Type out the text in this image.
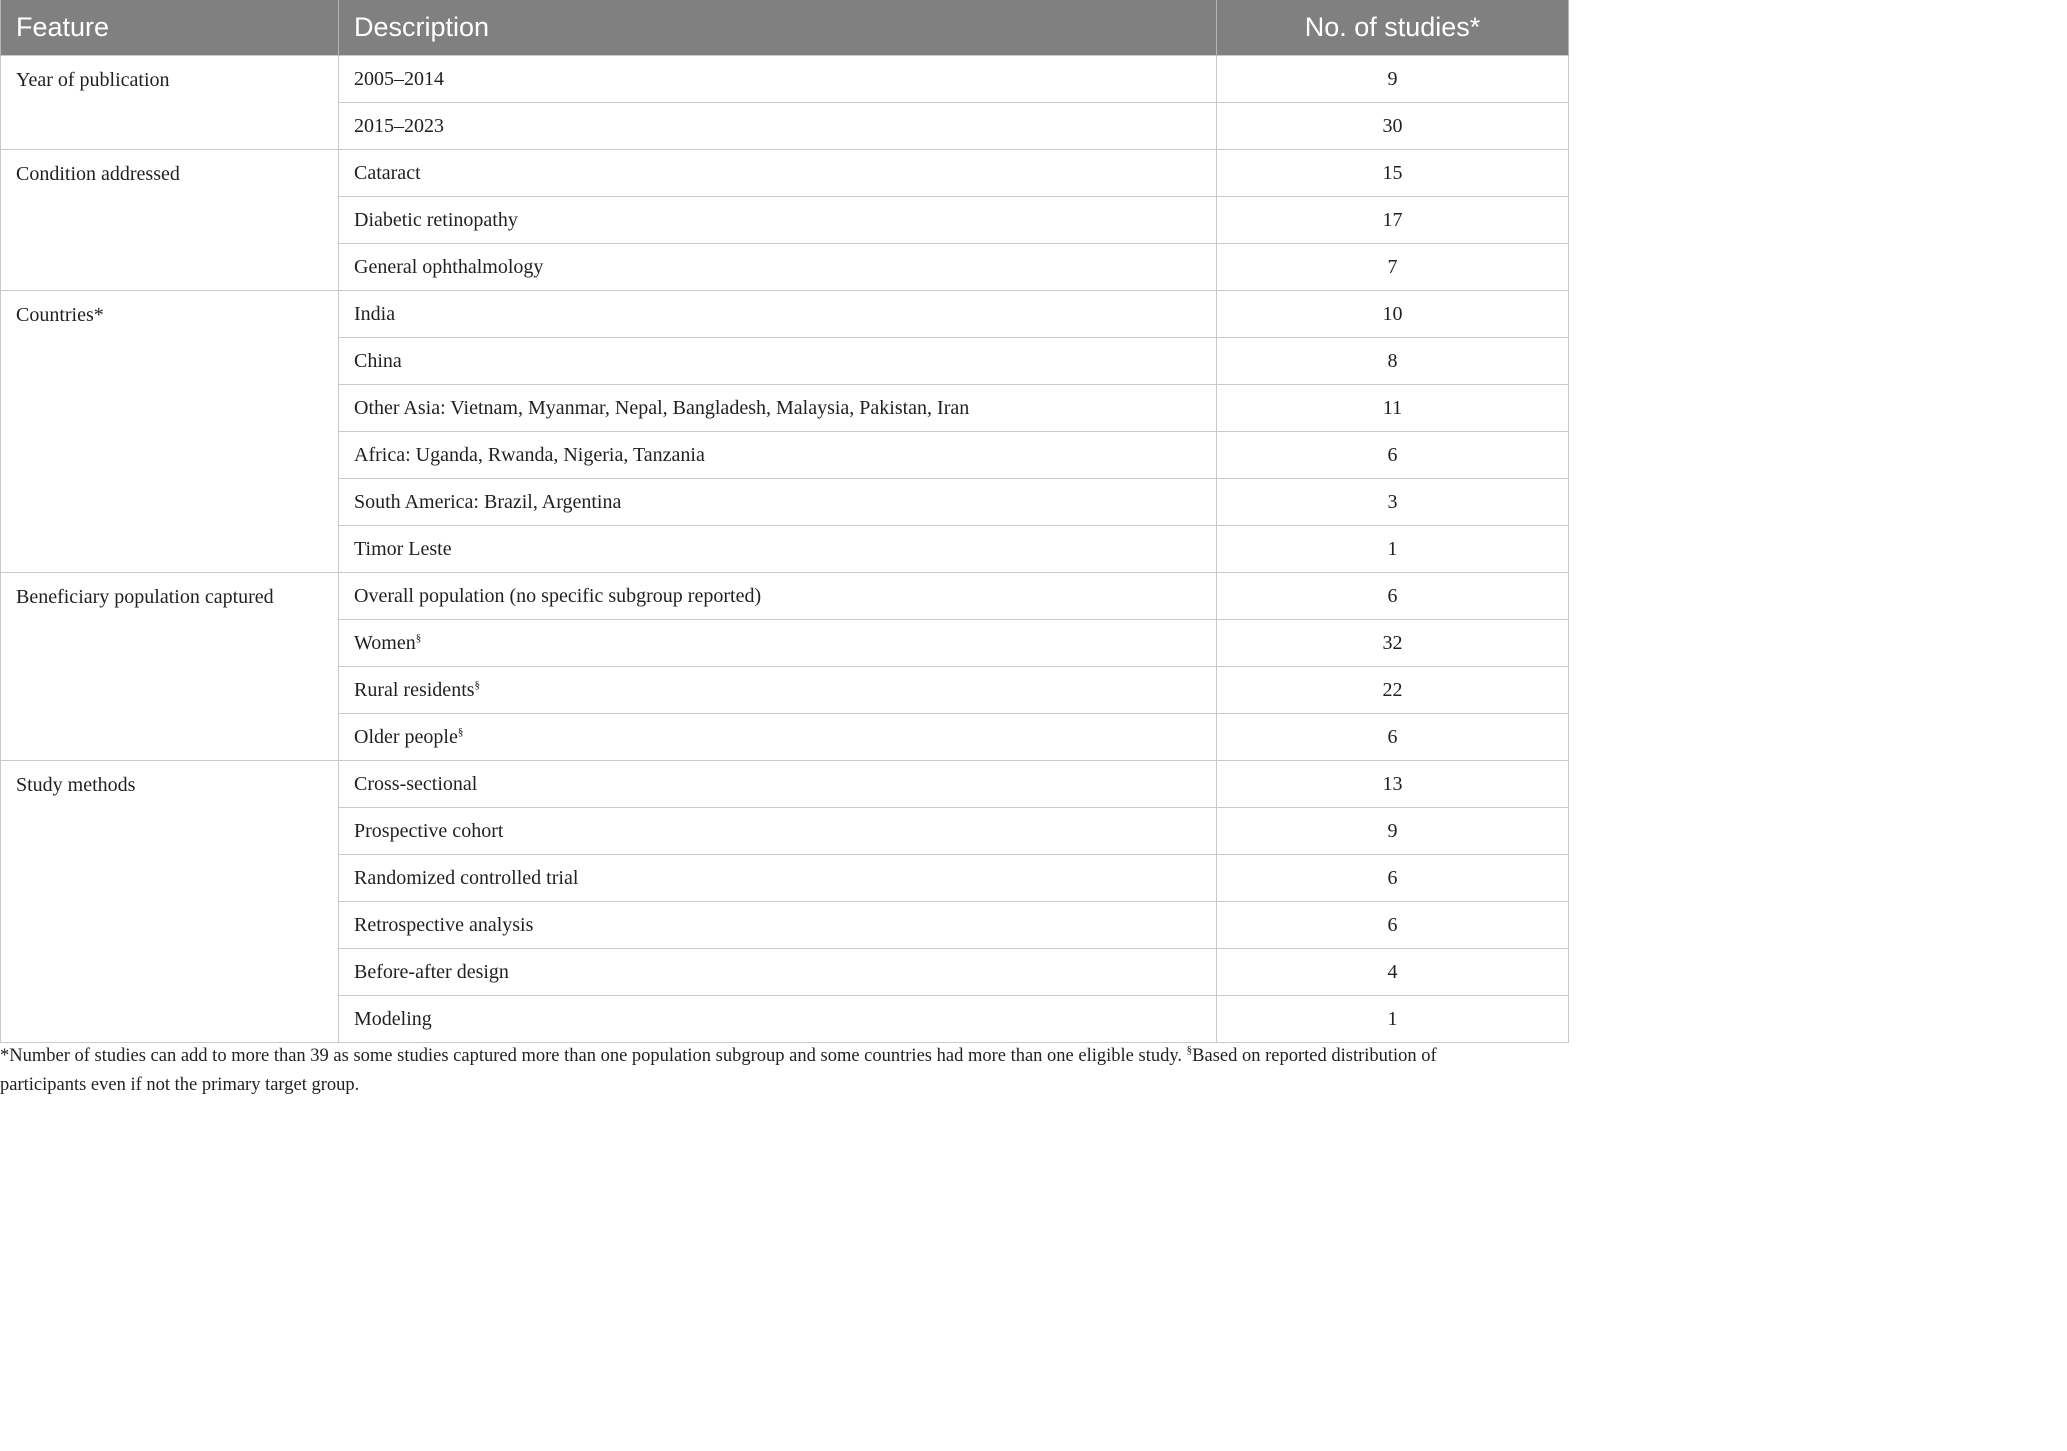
Feature	Description	No. of studies*
Year of publication	2005–2014	9
	2015–2023	30
Condition addressed	Cataract	15
	Diabetic retinopathy	17
	General ophthalmology	7
Countries*	India	10
	China	8
	Other Asia: Vietnam, Myanmar, Nepal, Bangladesh, Malaysia, Pakistan, Iran	11
	Africa: Uganda, Rwanda, Nigeria, Tanzania	6
	South America: Brazil, Argentina	3
	Timor Leste	1
Beneficiary population captured	Overall population (no specific subgroup reported)	6
	Women§	32
	Rural residents§	22
	Older people§	6
Study methods	Cross-sectional	13
	Prospective cohort	9
	Randomized controlled trial	6
	Retrospective analysis	6
	Before-after design	4
	Modeling	1
*Number of studies can add to more than 39 as some studies captured more than one population subgroup and some countries had more than one eligible study. §Based on reported distribution of participants even if not the primary target group.
